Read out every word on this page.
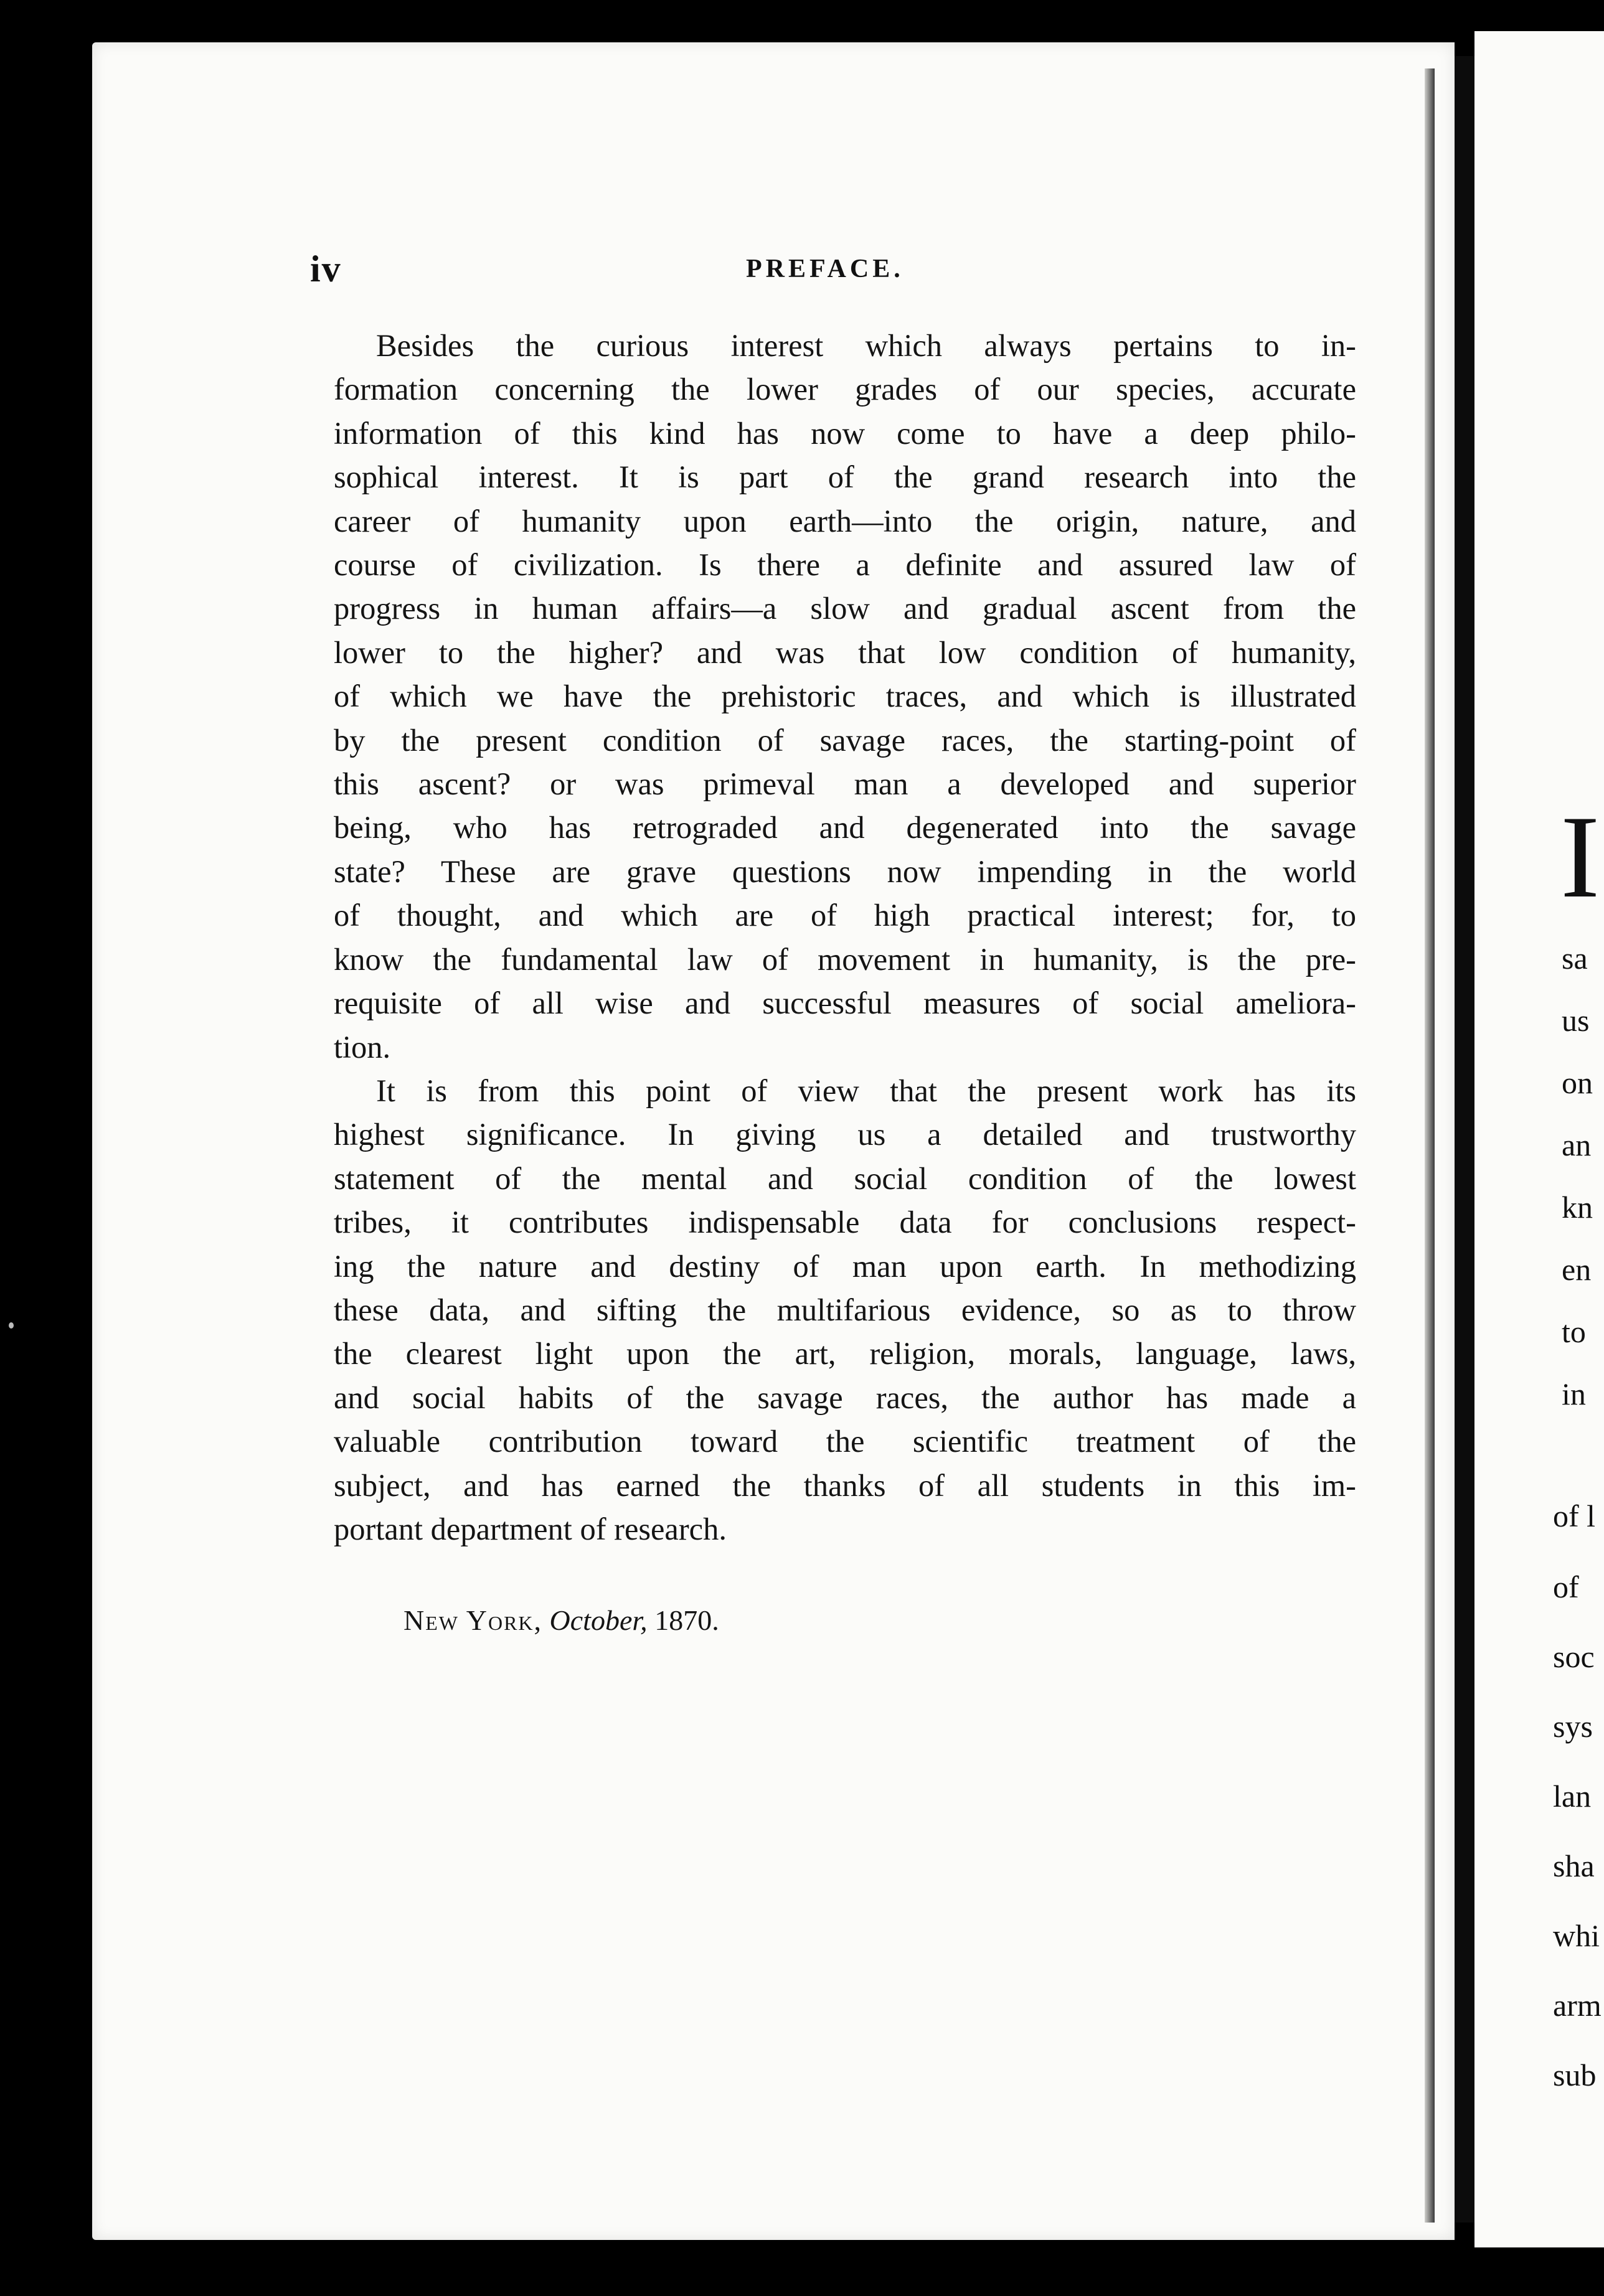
iv	PREFACE.
Besides the curious interest which always pertains to in-
formation concerning the lower grades of our species, accurate
information of this kind has now come to have a deep philo-
sophical interest. It is part of the grand research into the
career of humanity upon earth—into the origin, nature, and
course of civilization. Is there a definite and assured law of
progress in human affairs—a slow and gradual ascent from the
lower to the higher? and was that low condition of humanity,
of which we have the prehistoric traces, and which is illustrated
by the present condition of savage races, the starting-point of
this ascent? or was primeval man a developed and superior
being, who has retrograded and degenerated into the savage
state? These are grave questions now impending in the world
of thought, and which are of high practical interest; for, to
know the fundamental law of movement in humanity, is the pre-
requisite of all wise and successful measures of social ameliora-
tion.
It is from this point of view that the present work has its
highest significance. In giving us a detailed and trustworthy
statement of the mental and social condition of the lowest
tribes, it contributes indispensable data for conclusions respect-
ing the nature and destiny of man upon earth. In methodizing
these data, and sifting the multifarious evidence, so as to throw
the clearest light upon the art, religion, morals, language, laws,
and social habits of the savage races, the author has made a
valuable contribution toward the scientific treatment of the
subject, and has earned the thanks of all students in this im-
portant department of research.
New York, October, 1870.
I
sa
us
on
an
kn
en
to
in
of l
of
soc
sys
lan
sha
whi
arm
sub
